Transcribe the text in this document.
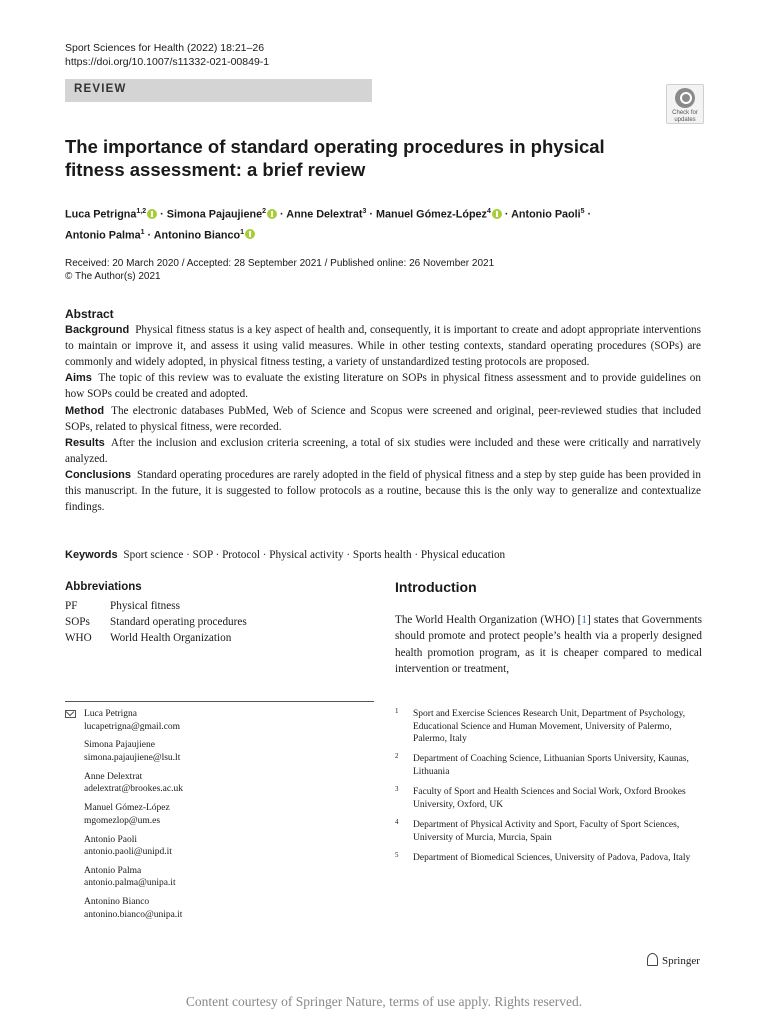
Sport Sciences for Health (2022) 18:21–26
https://doi.org/10.1007/s11332-021-00849-1
REVIEW
Check for
updates
The importance of standard operating procedures in physical fitness assessment: a brief review
Luca Petrigna$^{1,2}$ · Simona Pajaujiene$^2$ · Anne Delextrat$^3$ · Manuel Gómez‑López$^4$ · Antonio Paoli$^5$ ·
Antonio Palma$^1$ · Antonino Bianco$^1$
Received: 20 March 2020 / Accepted: 28 September 2021 / Published online: 26 November 2021
© The Author(s) 2021
Abstract

Background Physical fitness status is a key aspect of health and, consequently, it is important to create and adopt appropriate interventions to maintain or improve it, and assess it using valid measures. While in other testing contexts, standard operating procedures (SOPs) are commonly and widely adopted, in physical fitness testing, a variety of unstandardized testing protocols are proposed.

Aims The topic of this review was to evaluate the existing literature on SOPs in physical fitness assessment and to provide guidelines on how SOPs could be created and adopted.

Method The electronic databases PubMed, Web of Science and Scopus were screened and original, peer-reviewed studies that included SOPs, related to physical fitness, were recorded.

Results After the inclusion and exclusion criteria screening, a total of six studies were included and these were critically and narratively analyzed.

Conclusions Standard operating procedures are rarely adopted in the field of physical fitness and a step by step guide has been provided in this manuscript. In the future, it is suggested to follow protocols as a routine, because this is the only way to generalize and contextualize findings.

Keywords Sport science · SOP · Protocol · Physical activity · Sports health · Physical education
Abbreviations
PF	Physical fitness
SOPs	Standard operating procedures
WHO	World Health Organization
Introduction
The World Health Organization (WHO) [1] states that Governments should promote and protect people’s health via a properly designed health promotion program, as it is cheaper compared to medical intervention or treatment,
Luca Petrigna
lucapetrigna@gmail.com
Simona Pajaujiene
simona.pajaujiene@lsu.lt
Anne Delextrat
adelextrat@brookes.ac.uk
Manuel Gómez‑López
mgomezlop@um.es
Antonio Paoli
antonio.paoli@unipd.it
Antonio Palma
antonio.palma@unipa.it
Antonino Bianco
antonino.bianco@unipa.it
1 Sport and Exercise Sciences Research Unit, Department of Psychology, Educational Science and Human Movement, University of Palermo, Palermo, Italy
2 Department of Coaching Science, Lithuanian Sports University, Kaunas, Lithuania
3 Faculty of Sport and Health Sciences and Social Work, Oxford Brookes University, Oxford, UK
4 Department of Physical Activity and Sport, Faculty of Sport Sciences, University of Murcia, Murcia, Spain
5 Department of Biomedical Sciences, University of Padova, Padova, Italy
Springer
Content courtesy of Springer Nature, terms of use apply. Rights reserved.
